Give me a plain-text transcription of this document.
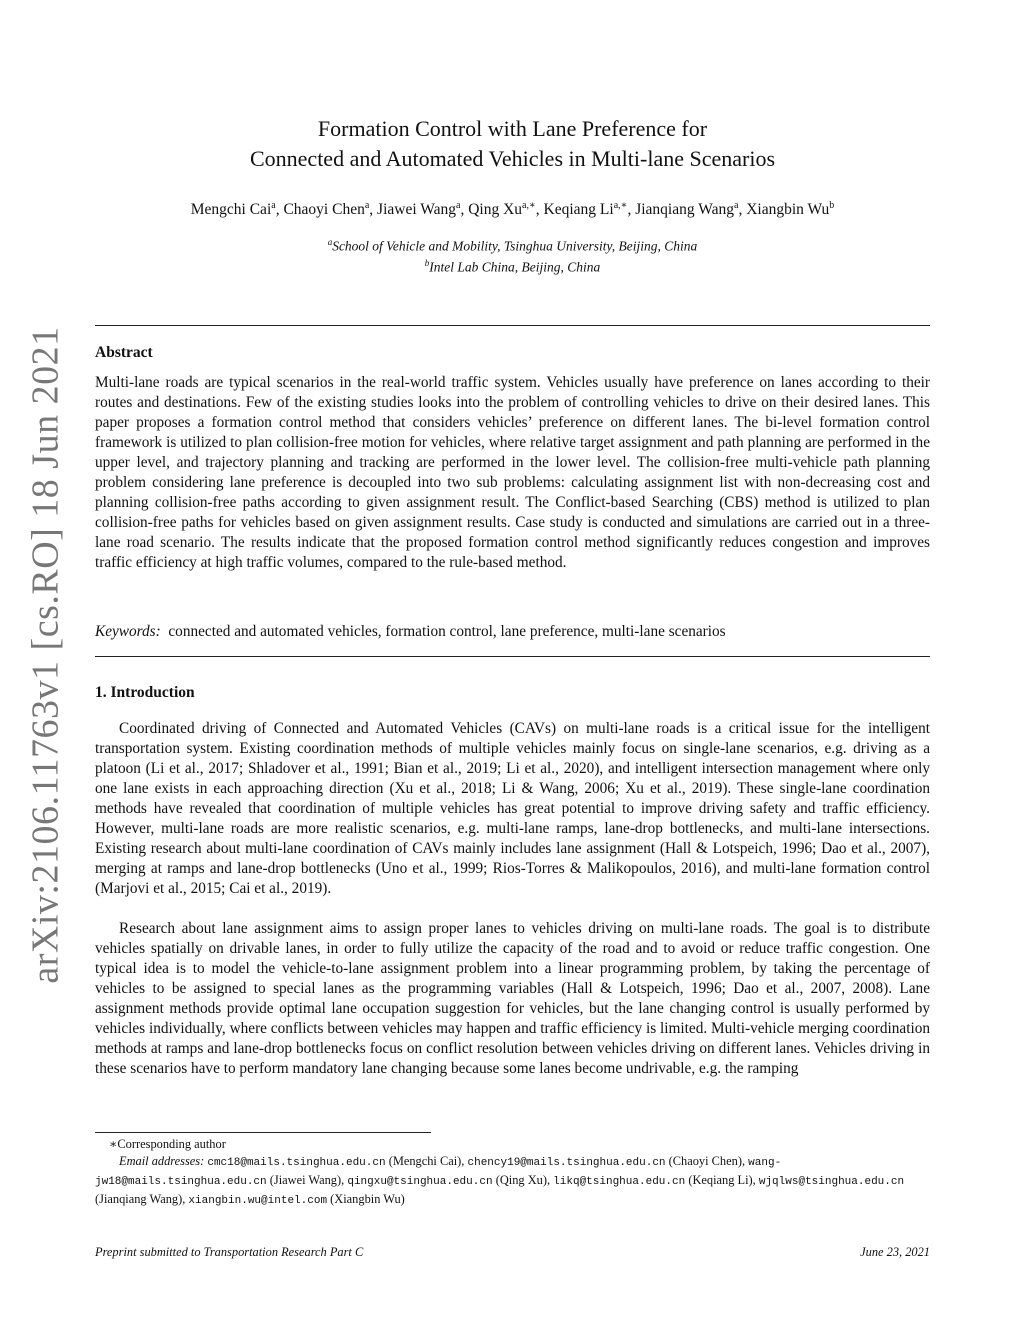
arXiv:2106.11763v1 [cs.RO] 18 Jun 2021
Formation Control with Lane Preference for
Connected and Automated Vehicles in Multi-lane Scenarios
Mengchi Cai$^a$, Chaoyi Chen$^a$, Jiawei Wang$^a$, Qing $Xu^{a,∗}$, Keqiang $Li^{a,∗}$, Jianqiang Wang$^a$, Xiangbin Wu$^b$
$^a$School of Vehicle and Mobility, Tsinghua University, Beijing, China
$^b$Intel Lab China, Beijing, China
Abstract

Multi-lane roads are typical scenarios in the real-world traffic system. Vehicles usually have preference on lanes according to their routes and destinations. Few of the existing studies looks into the problem of controlling vehicles to drive on their desired lanes. This paper proposes a formation control method that considers vehicles’ preference on different lanes. The bi-level formation control framework is utilized to plan collision-free motion for vehicles, where relative target assignment and path planning are performed in the upper level, and trajectory planning and tracking are performed in the lower level. The collision-free multi-vehicle path planning problem considering lane preference is decoupled into two sub problems: calculating assignment list with non-decreasing cost and planning collision-free paths according to given assignment result. The Conflict-based Searching (CBS) method is utilized to plan collision-free paths for vehicles based on given assignment results. Case study is conducted and simulations are carried out in a three-lane road scenario. The results indicate that the proposed formation control method significantly reduces congestion and improves traffic efficiency at high traffic volumes, compared to the rule-based method.

Keywords: connected and automated vehicles, formation control, lane preference, multi-lane scenarios
1. Introduction

Coordinated driving of Connected and Automated Vehicles (CAVs) on multi-lane roads is a critical issue for the intelligent transportation system. Existing coordination methods of multiple vehicles mainly focus on single-lane scenarios, e.g. driving as a platoon (Li et al., 2017; Shladover et al., 1991; Bian et al., 2019; Li et al., 2020), and intelligent intersection management where only one lane exists in each approaching direction (Xu et al., 2018; Li & Wang, 2006; Xu et al., 2019). These single-lane coordination methods have revealed that coordination of multiple vehicles has great potential to improve driving safety and traffic efficiency. However, multi-lane roads are more realistic scenarios, e.g. multi-lane ramps, lane-drop bottlenecks, and multi-lane intersections. Existing research about multi-lane coordination of CAVs mainly includes lane assignment (Hall & Lotspeich, 1996; Dao et al., 2007), merging at ramps and lane-drop bottlenecks (Uno et al., 1999; Rios-Torres & Malikopoulos, 2016), and multi-lane formation control (Marjovi et al., 2015; Cai et al., 2019).

Research about lane assignment aims to assign proper lanes to vehicles driving on multi-lane roads. The goal is to distribute vehicles spatially on drivable lanes, in order to fully utilize the capacity of the road and to avoid or reduce traffic congestion. One typical idea is to model the vehicle-to-lane assignment problem into a linear programming problem, by taking the percentage of vehicles to be assigned to special lanes as the programming variables (Hall & Lotspeich, 1996; Dao et al., 2007, 2008). Lane assignment methods provide optimal lane occupation suggestion for vehicles, but the lane changing control is usually performed by vehicles individually, where conflicts between vehicles may happen and traffic efficiency is limited. Multi-vehicle merging coordination methods at ramps and lane-drop bottlenecks focus on conflict resolution between vehicles driving on different lanes. Vehicles driving in these scenarios have to perform mandatory lane changing because some lanes become undrivable, e.g. the ramping

∗Corresponding author
Email addresses: cmc18@mails.tsinghua.edu.cn (Mengchi Cai), chency19@mails.tsinghua.edu.cn (Chaoyi Chen), wang-jw18@mails.tsinghua.edu.cn (Jiawei Wang), qingxu@tsinghua.edu.cn (Qing Xu), likq@tsinghua.edu.cn (Keqiang Li), wjqlws@tsinghua.edu.cn (Jianqiang Wang), xiangbin.wu@intel.com (Xiangbin Wu)
Preprint submitted to Transportation Research Part C	June 23, 2021
